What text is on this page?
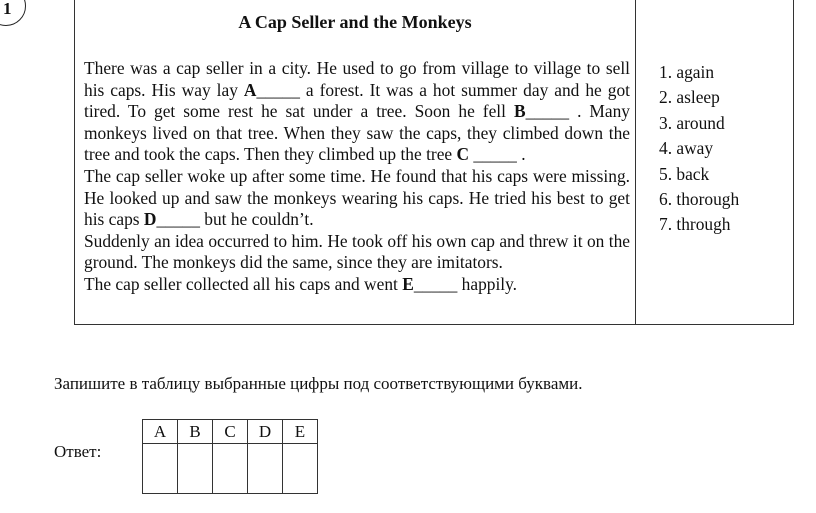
1
A Cap Seller and the Monkeys

There was a cap seller in a city. He used to go from village to village to sell his caps. His way lay A_____ a forest. It was a hot summer day and he got tired. To get some rest he sat under a tree. Soon he fell B_____ . Many monkeys lived on that tree. When they saw the caps, they climbed down the tree and took the caps. Then they climbed up the tree C _____ .

The cap seller woke up after some time. He found that his caps were missing. He looked up and saw the monkeys wearing his caps. He tried his best to get his caps D_____ but he couldn’t.

Suddenly an idea occurred to him. He took off his own cap and threw it on the ground. The monkeys did the same, since they are imitators.

The cap seller collected all his caps and went E_____ happily.

1. again
2. asleep
3. around
4. away
5. back
6. thorough
7. through
Запишите в таблицу выбранные цифры под соответствующими буквами.
Ответ:
A	B	C	D	E
